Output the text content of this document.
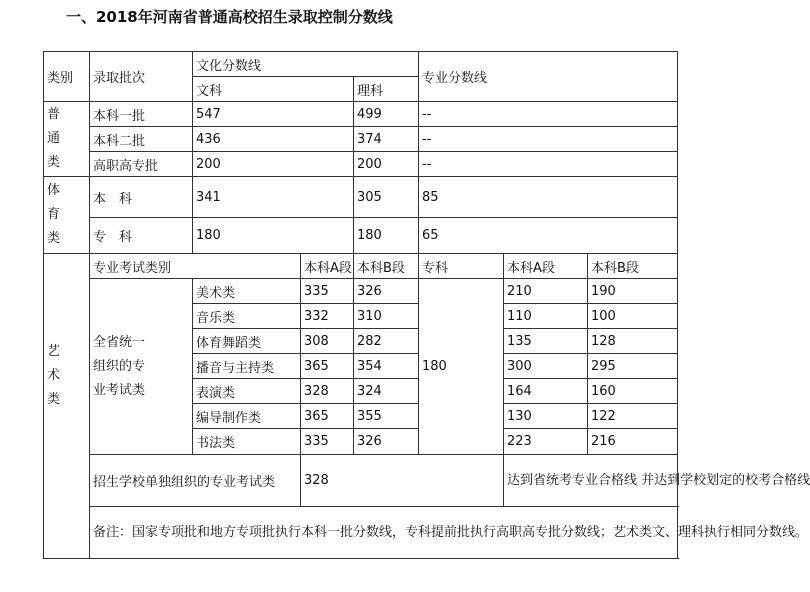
一、2018年河南省普通高校招生录取控制分数线
类别	录取批次	文化分数线			专业分数线			
		文科		理科				

普
通
类	本科一批	547		499	--			
	本科二批	436		374	--			
	高职高专批	200		200	--			

体
育
类	本 科	341		305	85			
	专 科	180		180	65			

艺
术
类	专业考试类别		本科A段	本科B段	专科	本科A段	本科B段	

	全省统一
组织的专
业考试类	美术类	335	326	180	210	190	
		音乐类	332	310		110	100	
		体育舞蹈类	308	282		135	128	
		播音与主持类	365	354		300	295	
		表演类	328	324		164	160	
		编导制作类	365	355		130	122	
		书法类	335	326		223	216	
	招生学校单独组织的专业考试类		328			达到省统考专业合格线 并达到学校划定的校考合格线		
	备注：国家专项批和地方专项批执行本科一批分数线，专科提前批执行高职高专批分数线；艺术类文、理科执行相同分数线。							
